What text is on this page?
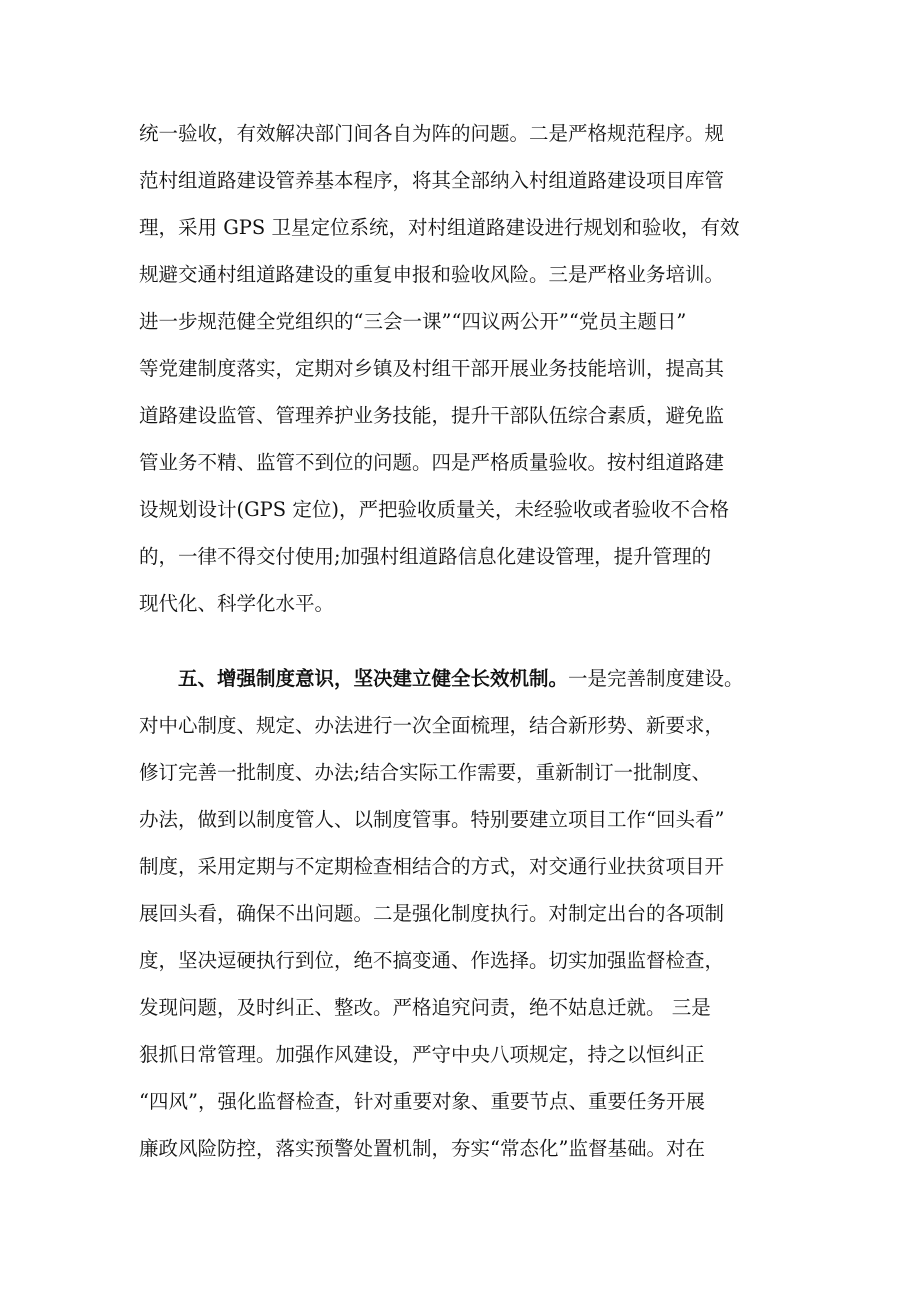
统一验收，有效解决部门间各自为阵的问题。二是严格规范程序。规
范村组道路建设管养基本程序，将其全部纳入村组道路建设项目库管
理，采用 GPS 卫星定位系统，对村组道路建设进行规划和验收，有效
规避交通村组道路建设的重复申报和验收风险。三是严格业务培训。
进一步规范健全党组织的“三会一课”“四议两公开”“党员主题日”
等党建制度落实，定期对乡镇及村组干部开展业务技能培训，提高其
道路建设监管、管理养护业务技能，提升干部队伍综合素质，避免监
管业务不精、监管不到位的问题。四是严格质量验收。按村组道路建
设规划设计(GPS 定位)，严把验收质量关，未经验收或者验收不合格
的，一律不得交付使用;加强村组道路信息化建设管理，提升管理的
现代化、科学化水平。
五、增强制度意识，坚决建立健全长效机制。一是完善制度建设。
对中心制度、规定、办法进行一次全面梳理，结合新形势、新要求，
修订完善一批制度、办法;结合实际工作需要，重新制订一批制度、
办法，做到以制度管人、以制度管事。特别要建立项目工作“回头看”
制度，采用定期与不定期检查相结合的方式，对交通行业扶贫项目开
展回头看，确保不出问题。二是强化制度执行。对制定出台的各项制
度，坚决逗硬执行到位，绝不搞变通、作选择。切实加强监督检查，
发现问题，及时纠正、整改。严格追究问责，绝不姑息迁就。 三是
狠抓日常管理。加强作风建设，严守中央八项规定，持之以恒纠正
“四风”，强化监督检查，针对重要对象、重要节点、重要任务开展
廉政风险防控，落实预警处置机制，夯实“常态化”监督基础。对在
